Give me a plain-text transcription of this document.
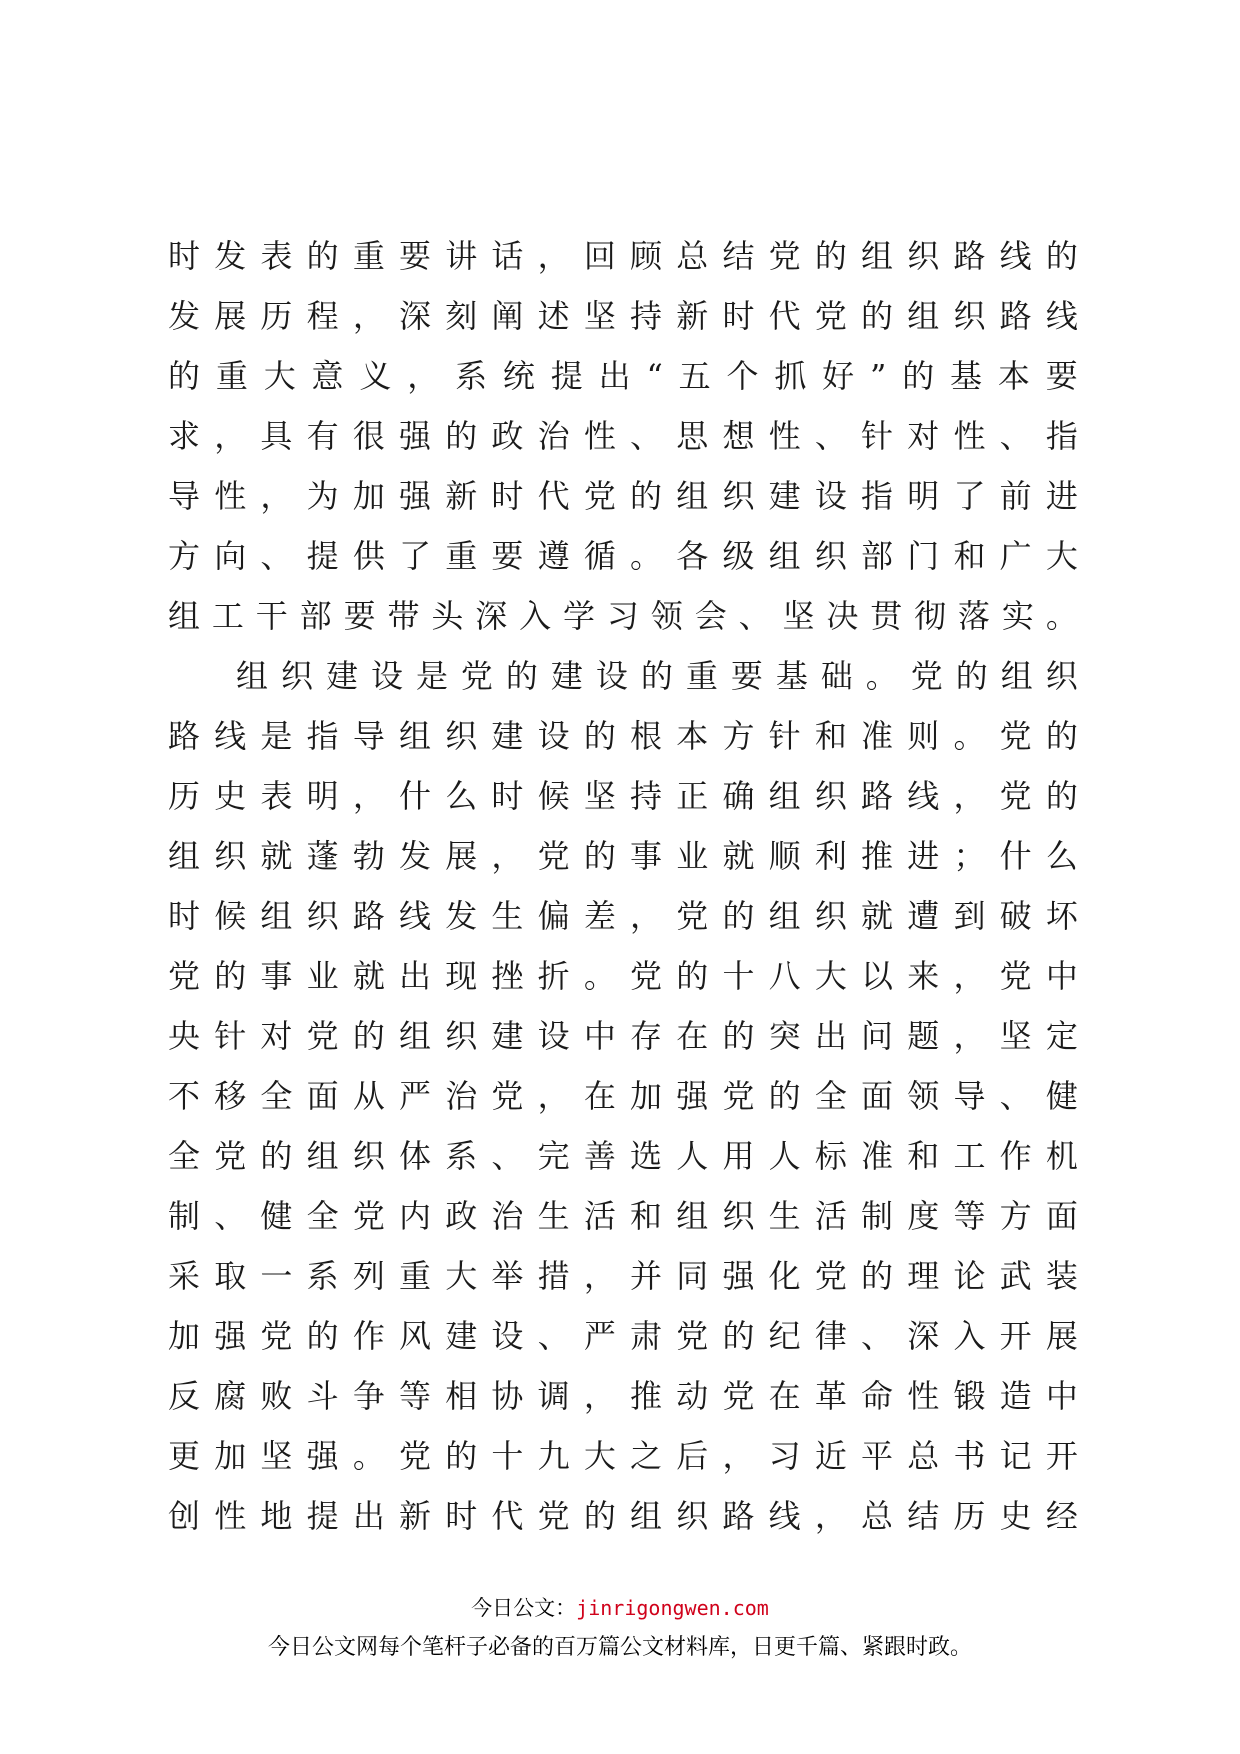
时 发 表 的 重 要 讲 话 ， 回 顾 总 结 党 的 组 织 路 线 的
发 展 历 程 ， 深 刻 阐 述 坚 持 新 时 代 党 的 组 织 路 线
的 重 大 意 义 ， 系 统 提 出 “ 五 个 抓 好 ” 的 基 本 要
求 ， 具 有 很 强 的 政 治 性 、 思 想 性 、 针 对 性 、 指
导 性 ， 为 加 强 新 时 代 党 的 组 织 建 设 指 明 了 前 进
方 向 、 提 供 了 重 要 遵 循 。 各 级 组 织 部 门 和 广 大
组 工 干 部 要 带 头 深 入 学 习 领 会 、 坚 决 贯 彻 落 实 。
组 织 建 设 是 党 的 建 设 的 重 要 基 础 。 党 的 组 织
路 线 是 指 导 组 织 建 设 的 根 本 方 针 和 准 则 。 党 的
历 史 表 明 ， 什 么 时 候 坚 持 正 确 组 织 路 线 ， 党 的
组 织 就 蓬 勃 发 展 ， 党 的 事 业 就 顺 利 推 进 ； 什 么
时 候 组 织 路 线 发 生 偏 差 ， 党 的 组 织 就 遭 到 破 坏
党 的 事 业 就 出 现 挫 折 。 党 的 十 八 大 以 来 ， 党 中
央 针 对 党 的 组 织 建 设 中 存 在 的 突 出 问 题 ， 坚 定
不 移 全 面 从 严 治 党 ， 在 加 强 党 的 全 面 领 导 、 健
全 党 的 组 织 体 系 、 完 善 选 人 用 人 标 准 和 工 作 机
制 、 健 全 党 内 政 治 生 活 和 组 织 生 活 制 度 等 方 面
采 取 一 系 列 重 大 举 措 ， 并 同 强 化 党 的 理 论 武 装
加 强 党 的 作 风 建 设 、 严 肃 党 的 纪 律 、 深 入 开 展
反 腐 败 斗 争 等 相 协 调 ， 推 动 党 在 革 命 性 锻 造 中
更 加 坚 强 。 党 的 十 九 大 之 后 ， 习 近 平 总 书 记 开
创 性 地 提 出 新 时 代 党 的 组 织 路 线 ， 总 结 历 史 经
今日公文：jinrigongwen.com
今日公文网每个笔杆子必备的百万篇公文材料库，日更千篇、紧跟时政。
